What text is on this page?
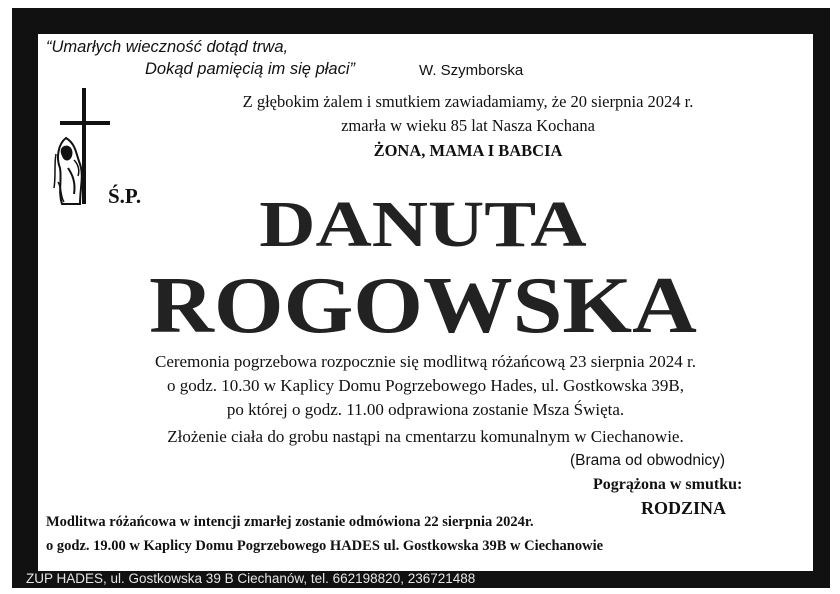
“Umarłych wieczność dotąd trwa,
Dokąd pamięcią im się płaci”	W. Szymborska
Ś.P.
Z głębokim żalem i smutkiem zawiadamiamy, że 20 sierpnia 2024 r.
zmarła w wieku 85 lat Nasza Kochana
ŻONA, MAMA I BABCIA
DANUTA
ROGOWSKA
Ceremonia pogrzebowa rozpocznie się modlitwą różańcową 23 sierpnia 2024 r.
o godz. 10.30 w Kaplicy Domu Pogrzebowego Hades, ul. Gostkowska 39B,
po której o godz. 11.00 odprawiona zostanie Msza Święta.
Złożenie ciała do grobu nastąpi na cmentarzu komunalnym w Ciechanowie.
(Brama od obwodnicy)
Pogrążona w smutku:
RODZINA
Modlitwa różańcowa w intencji zmarłej zostanie odmówiona 22 sierpnia 2024r.
o godz. 19.00 w Kaplicy Domu Pogrzebowego HADES ul. Gostkowska 39B w Ciechanowie
ZUP HADES, ul. Gostkowska 39 B Ciechanów, tel. 662198820, 236721488
